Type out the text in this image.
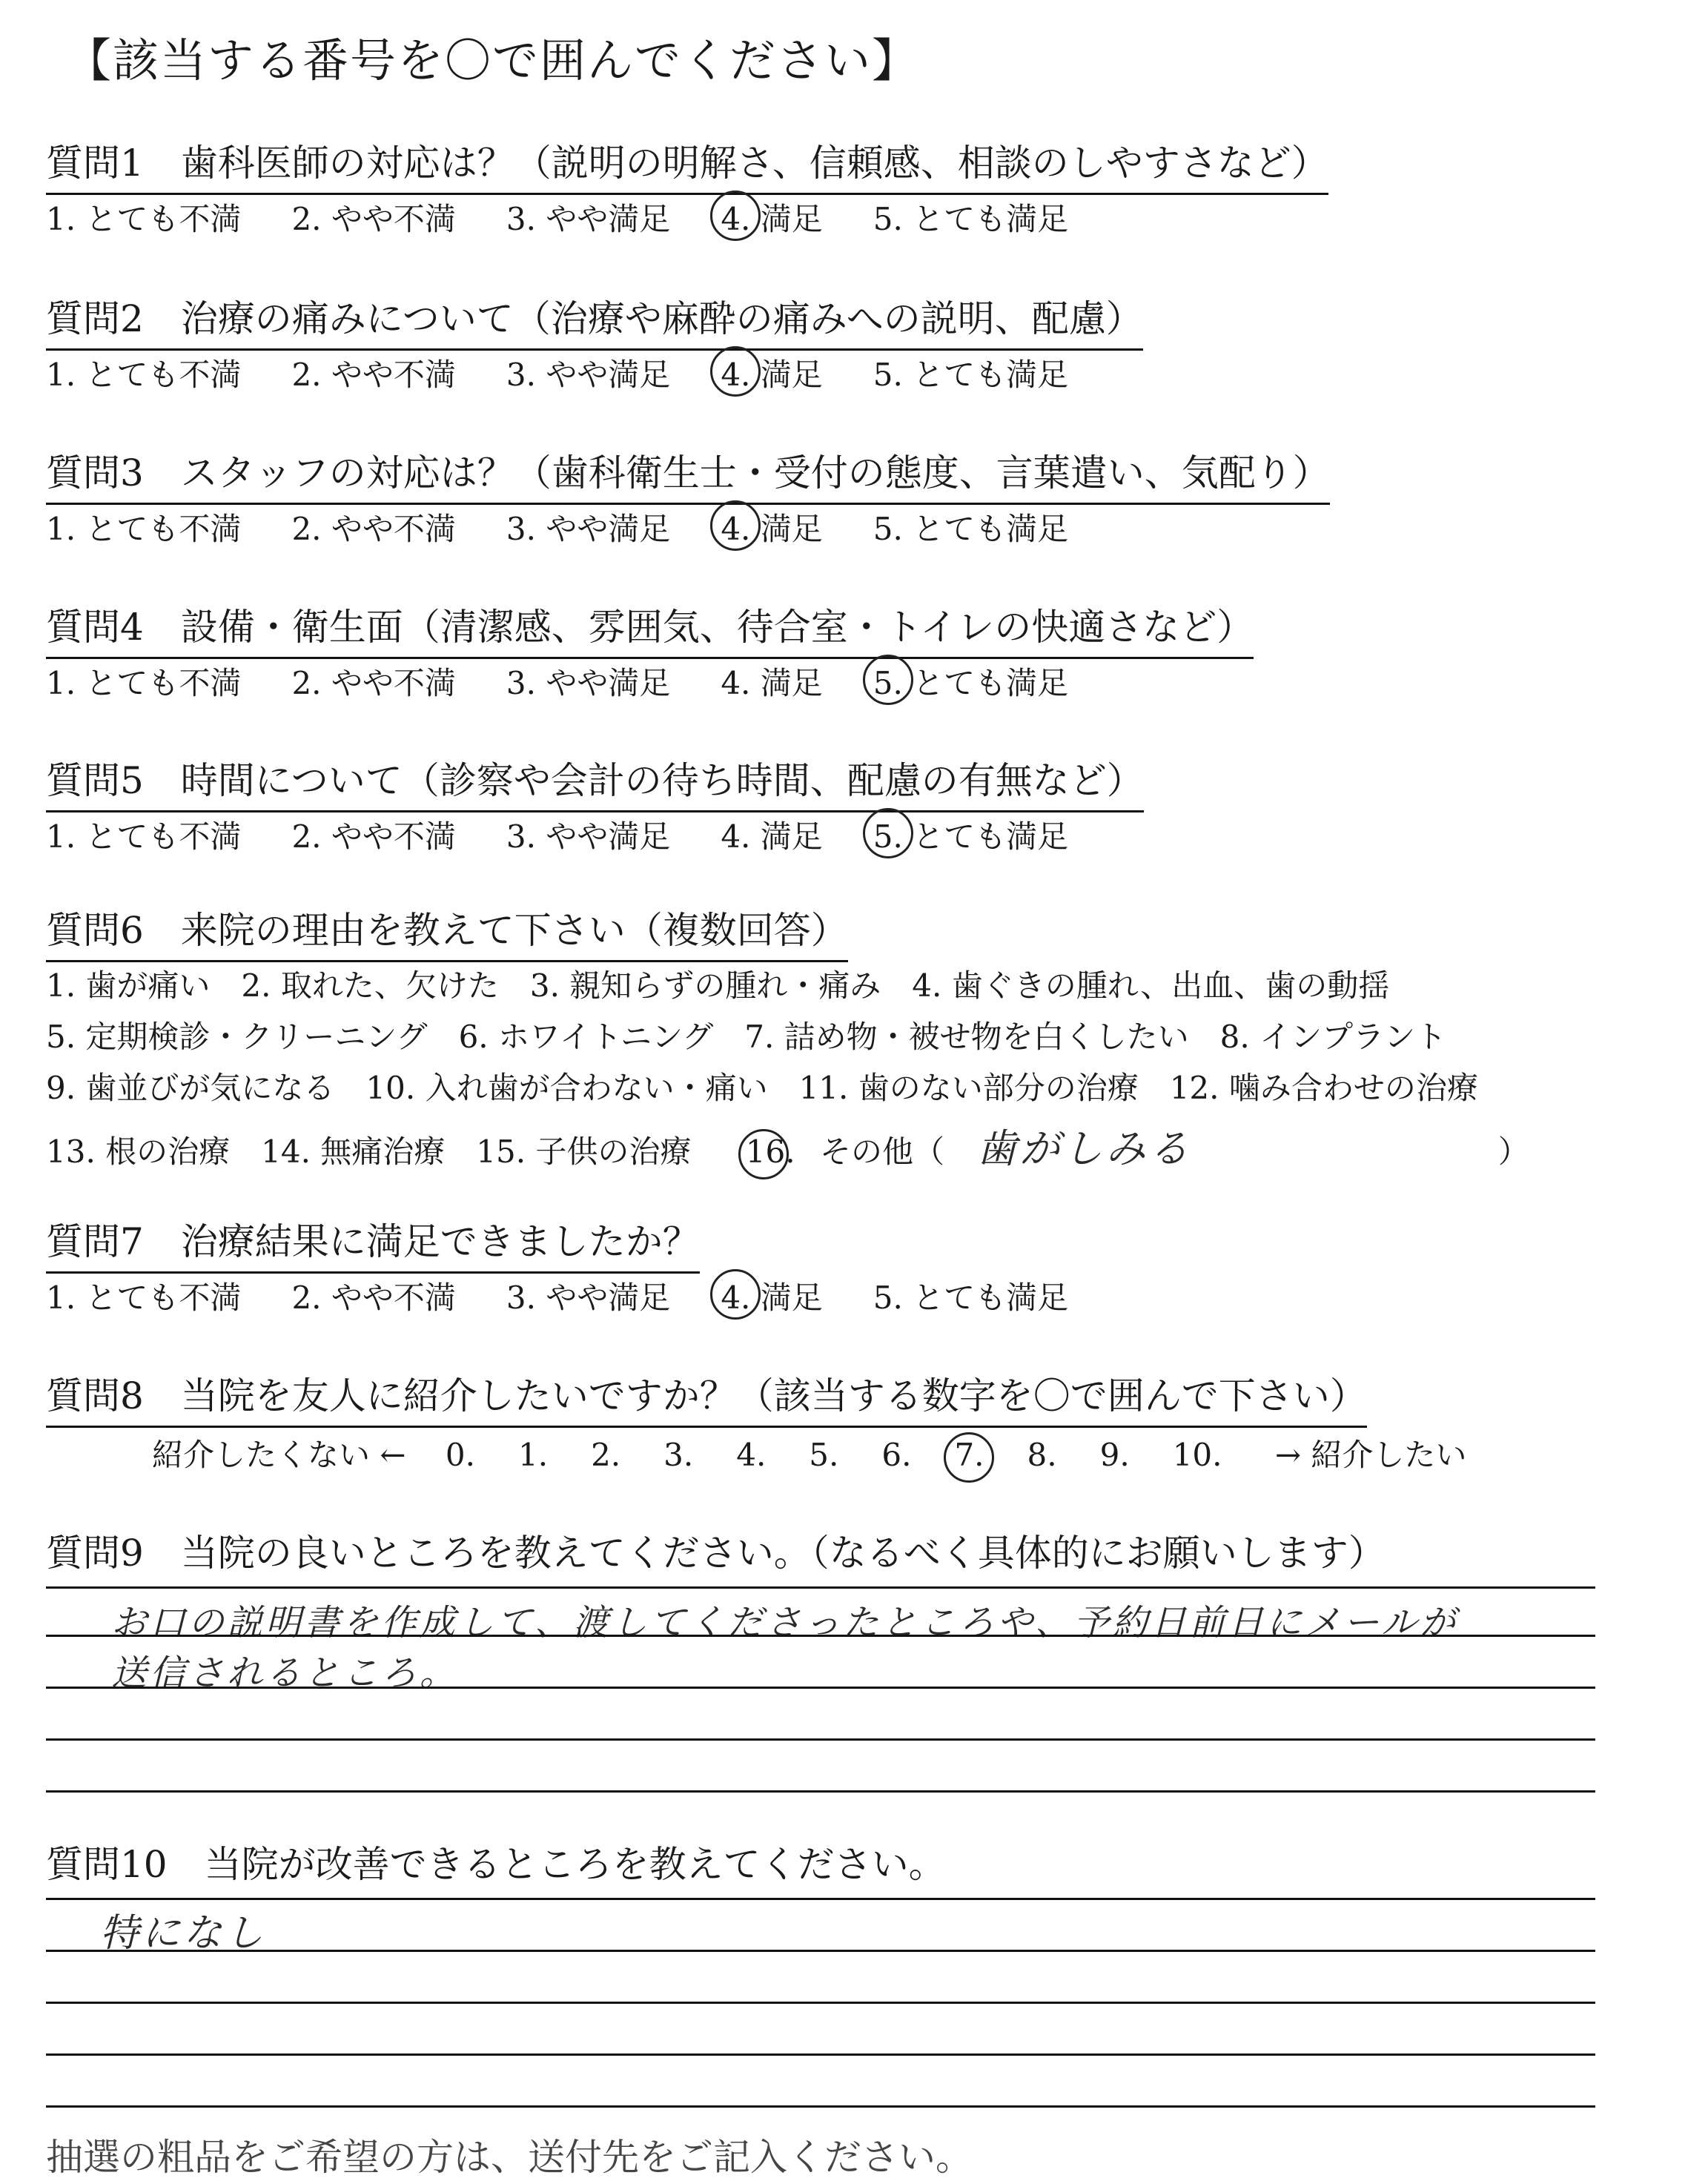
【該当する番号を〇で囲んでください】
質問1　歯科医師の対応は？（説明の明解さ、信頼感、相談のしやすさなど）
1. とても不満 2. やや不満 3. やや満足 4. 満足 5. とても満足
質問2　治療の痛みについて（治療や麻酔の痛みへの説明、配慮）
1. とても不満 2. やや不満 3. やや満足 4. 満足 5. とても満足
質問3　スタッフの対応は？（歯科衛生士・受付の態度、言葉遣い、気配り）
1. とても不満 2. やや不満 3. やや満足 4. 満足 5. とても満足
質問4　設備・衛生面（清潔感、雰囲気、待合室・トイレの快適さなど）
1. とても不満 2. やや不満 3. やや満足 4. 満足 5. とても満足
質問5　時間について（診察や会計の待ち時間、配慮の有無など）
1. とても不満 2. やや不満 3. やや満足 4. 満足 5. とても満足
質問6　来院の理由を教えて下さい（複数回答）
1. 歯が痛い　2. 取れた、欠けた　3. 親知らずの腫れ・痛み　4. 歯ぐきの腫れ、出血、歯の動揺
5. 定期検診・クリーニング　6. ホワイトニング　7. 詰め物・被せ物を白くしたい　8. インプラント
9. 歯並びが気になる　10. 入れ歯が合わない・痛い　11. 歯のない部分の治療　12. 噛み合わせの治療
13. 根の治療　14. 無痛治療　15. 子供の治療 16. その他（ 歯がしみる	）
質問7　治療結果に満足できましたか？
1. とても不満 2. やや不満 3. やや満足 4. 満足 5. とても満足
質問8　当院を友人に紹介したいですか？（該当する数字を〇で囲んで下さい）
紹介したくない ← 0. 1. 2. 3. 4. 5. 6. 7. 8. 9. 10. → 紹介したい
質問9　当院の良いところを教えてください。（なるべく具体的にお願いします）
お口の説明書を作成して、渡してくださったところや、予約日前日にメールが
送信されるところ。
質問10　当院が改善できるところを教えてください。
特になし
抽選の粗品をご希望の方は、送付先をご記入ください。
